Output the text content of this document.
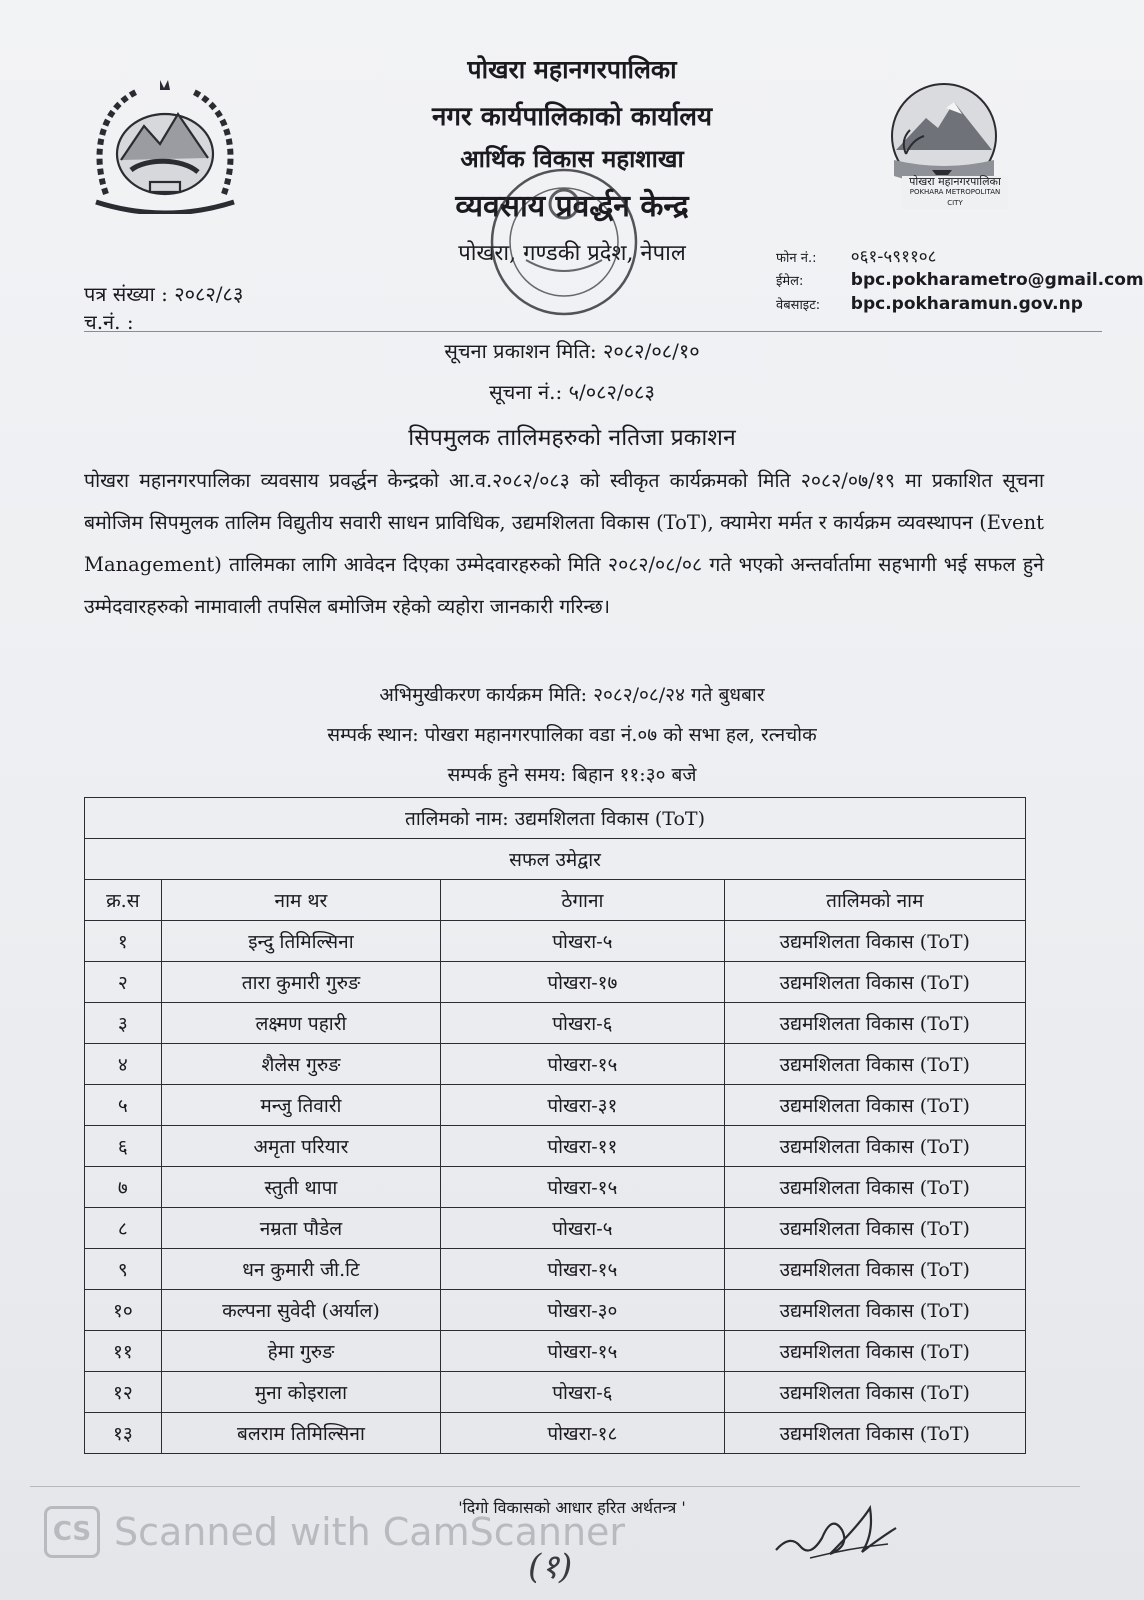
पोखरा महानगरपालिका
POKHARA METROPOLITAN CITY
पोखरा महानगरपालिका
नगर कार्यपालिकाको कार्यालय
आर्थिक विकास महाशाखा
व्यवसाय प्रवर्द्धन केन्द्र
पोखरा, गण्डकी प्रदेश, नेपाल
पत्र संख्या : २०८२/८३
च.नं. :
फोन नं.: ०६१-५९११०८
ईमेल:	bpc.pokharametro@gmail.com
वेबसाइट: bpc.pokharamun.gov.np
सूचना प्रकाशन मिति: २०८२/०८/१०
सूचना नं.: ५/०८२/०८३
सिपमुलक तालिमहरुको नतिजा प्रकाशन
पोखरा महानगरपालिका व्यवसाय प्रवर्द्धन केन्द्रको आ.व.२०८२/०८३ को स्वीकृत कार्यक्रमको मिति २०८२/०७/१९ मा प्रकाशित सूचना बमोजिम सिपमुलक तालिम विद्युतीय सवारी साधन प्राविधिक, उद्यमशिलता विकास (ToT), क्यामेरा मर्मत र कार्यक्रम व्यवस्थापन (Event Management) तालिमका लागि आवेदन दिएका उम्मेदवारहरुको मिति २०८२/०८/०८ गते भएको अन्तर्वार्तामा सहभागी भई सफल हुने उम्मेदवारहरुको नामावाली तपसिल बमोजिम रहेको व्यहोरा जानकारी गरिन्छ।
अभिमुखीकरण कार्यक्रम मिति: २०८२/०८/२४ गते बुधबार
सम्पर्क स्थान: पोखरा महानगरपालिका वडा नं.०७ को सभा हल, रत्नचोक
सम्पर्क हुने समय: बिहान ११:३० बजे
तालिमको नाम: उद्यमशिलता विकास (ToT)			
सफल उमेद्वार			
क्र.स	नाम थर	ठेगाना	तालिमको नाम
१	इन्दु तिमिल्सिना	पोखरा-५	उद्यमशिलता विकास (ToT)
२	तारा कुमारी गुरुङ	पोखरा-१७	उद्यमशिलता विकास (ToT)
३	लक्ष्मण पहारी	पोखरा-६	उद्यमशिलता विकास (ToT)
४	शैलेस गुरुङ	पोखरा-१५	उद्यमशिलता विकास (ToT)
५	मन्जु तिवारी	पोखरा-३१	उद्यमशिलता विकास (ToT)
६	अमृता परियार	पोखरा-११	उद्यमशिलता विकास (ToT)
७	स्तुती थापा	पोखरा-१५	उद्यमशिलता विकास (ToT)
८	नम्रता पौडेल	पोखरा-५	उद्यमशिलता विकास (ToT)
९	धन कुमारी जी.टि	पोखरा-१५	उद्यमशिलता विकास (ToT)
१०	कल्पना सुवेदी (अर्याल)	पोखरा-३०	उद्यमशिलता विकास (ToT)
११	हेमा गुरुङ	पोखरा-१५	उद्यमशिलता विकास (ToT)
१२	मुना कोइराला	पोखरा-६	उद्यमशिलता विकास (ToT)
१३	बलराम तिमिल्सिना	पोखरा-१८	उद्यमशिलता विकास (ToT)
'दिगो विकासको आधार हरित अर्थतन्त्र '
CS Scanned with CamScanner
(१)
